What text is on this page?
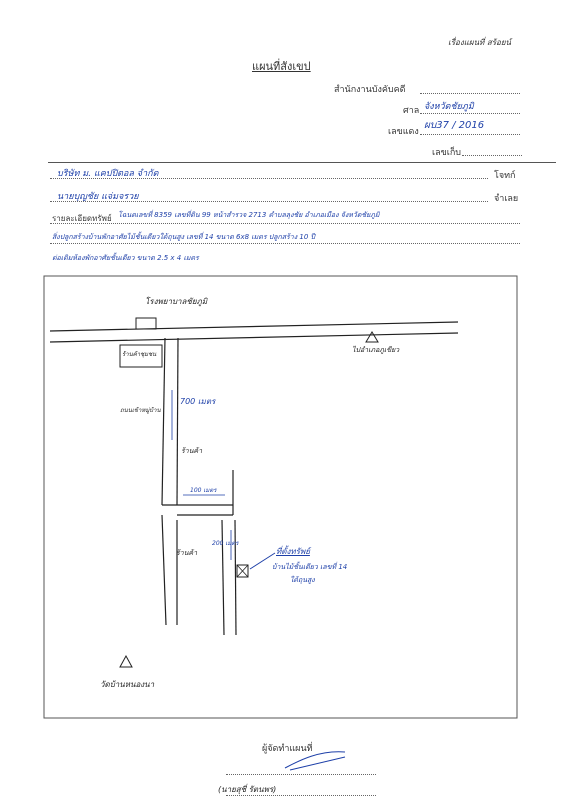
เรื่องแผนที่ สร้อยน์
แผนที่สังเขป
สำนักงานบังคับคดี
ศาล จังหวัดชัยภูมิ
เลขแดง
ผบ37 / 2016
เลขเก็บ
บริษัท ม. แคปปิตอล จำกัด	โจทก์
นายบุญชัย แจ่มจรวย	จำเลย
รายละเอียดทรัพย์ โฉนดเลขที่ 8359 เลขที่ดิน 99 หน้าสำรวจ 2713 ตำบลลุงชัย อำเภอเมือง จังหวัดชัยภูมิ
สิ่งปลูกสร้างบ้านพักอาศัยไม้ชั้นเดียวใต้ถุนสูง เลขที่ 14 ขนาด 6x8 เมตร ปลูกสร้าง 10 ปี
ต่อเติมห้องพักอาศัยชั้นเดียว ขนาด 2.5 x 4 เมตร
โรงพยาบาลชัยภูมิ
ร้านค้าชุมชน
ไปอำเภอภูเขียว
700 เมตร
ถนนเข้าหมู่บ้าน
ร้านค้า
100 เมตร
ร้านค้า
200 เมตร
ที่ตั้งทรัพย์
บ้านไม้ชั้นเดียว เลขที่ 14
ใต้ถุนสูง
วัดบ้านหนองนา
ผู้จัดทำแผนที่
(นายสุชี่ รัตนพร)
